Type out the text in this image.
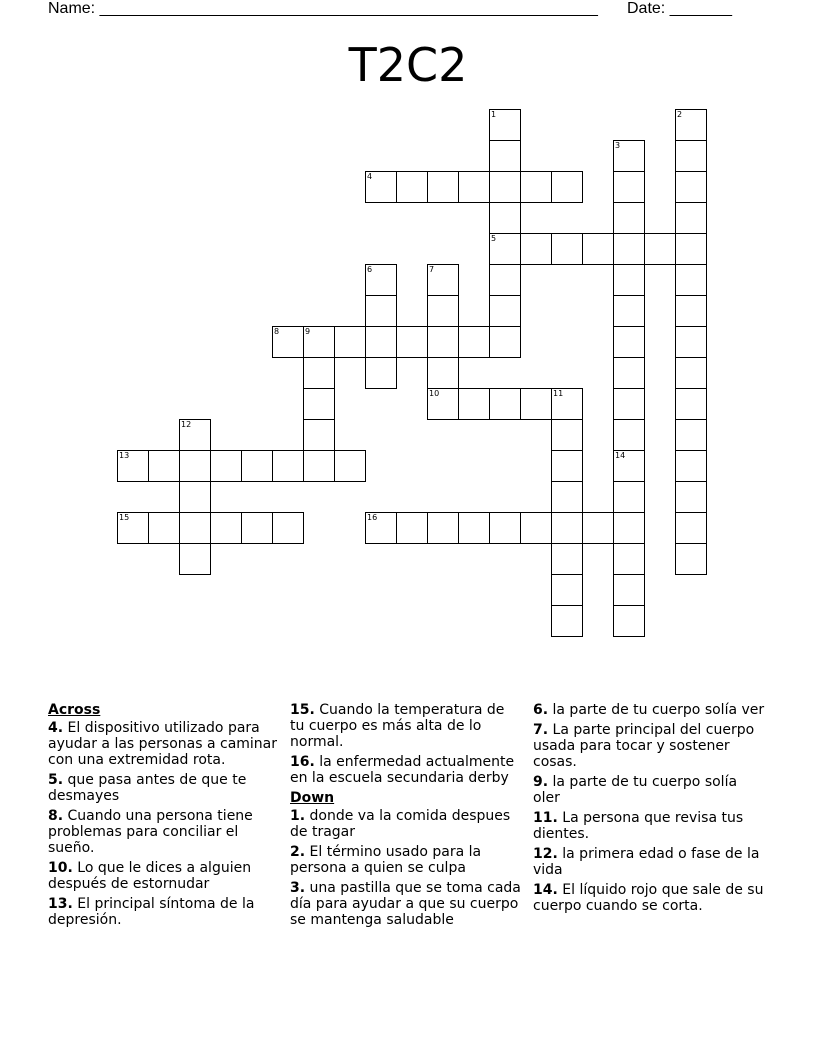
Name: ________________________________________________________ Date: _______
T2C2
1
5
2
3
4
6	7
10
8	9
11
12
13	14
15	16
Across
4. El dispositivo utilizado para ayudar a las personas a caminar con una extremidad rota.
5. que pasa antes de que te desmayes
8. Cuando una persona tiene problemas para conciliar el sueño.
10. Lo que le dices a alguien después de estornudar
13. El principal síntoma de la depresión.
15. Cuando la temperatura de tu cuerpo es más alta de lo normal.
16. la enfermedad actualmente en la escuela secundaria derby
Down
1. donde va la comida despues de tragar
2. El término usado para la persona a quien se culpa
3. una pastilla que se toma cada día para ayudar a que su cuerpo se mantenga saludable
6. la parte de tu cuerpo solía ver
7. La parte principal del cuerpo usada para tocar y sostener cosas.
9. la parte de tu cuerpo solía oler
11. La persona que revisa tus dientes.
12. la primera edad o fase de la vida
14. El líquido rojo que sale de su cuerpo cuando se corta.
